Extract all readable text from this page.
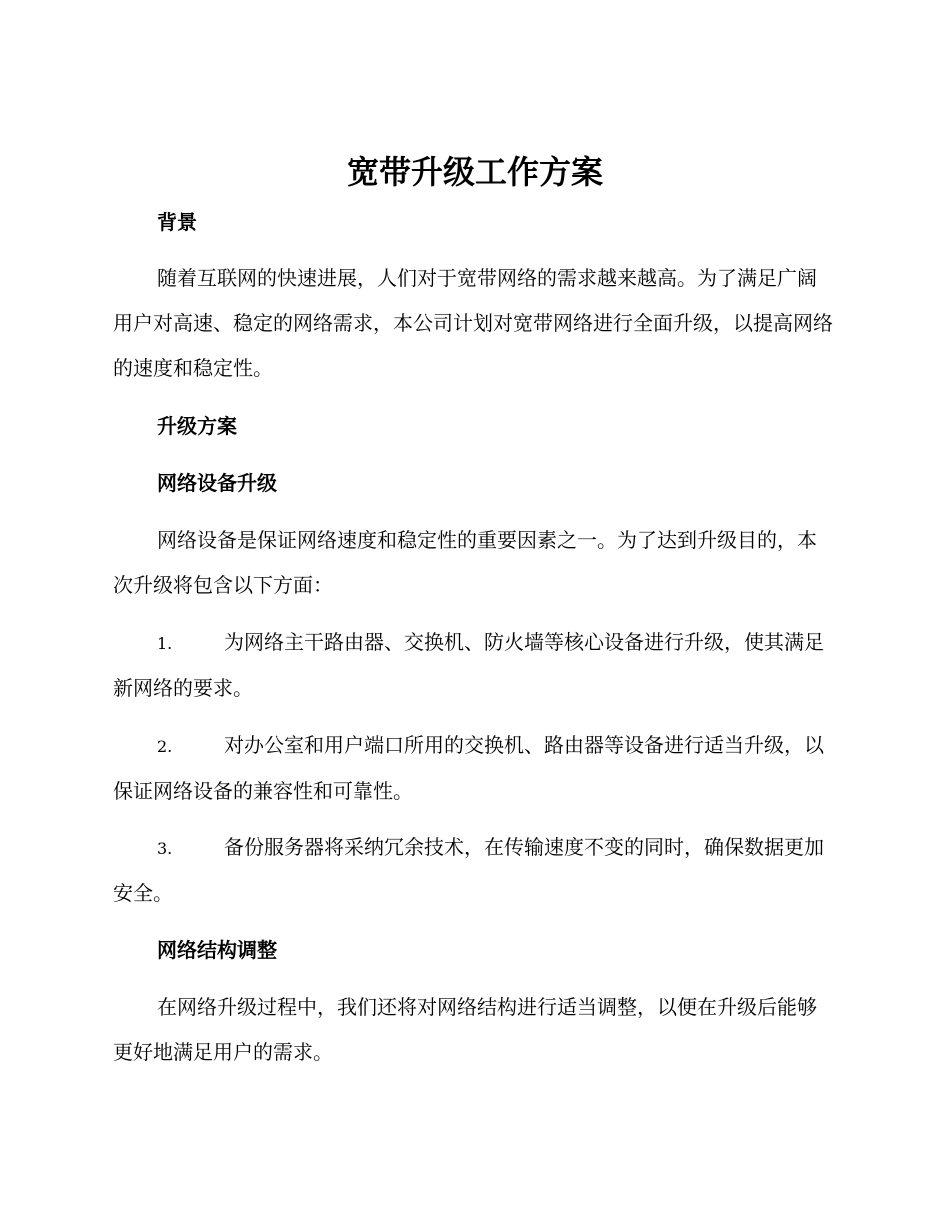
宽带升级工作方案
背景

随着互联网的快速进展，人们对于宽带网络的需求越来越高。为了满足广阔用户对高速、稳定的网络需求，本公司计划对宽带网络进行全面升级，以提高网络的速度和稳定性。

升级方案
网络设备升级

网络设备是保证网络速度和稳定性的重要因素之一。为了达到升级目的，本次升级将包含以下方面：

1.	为网络主干路由器、交换机、防火墙等核心设备进行升级，使其满足新网络的要求。

2.	对办公室和用户端口所用的交换机、路由器等设备进行适当升级，以保证网络设备的兼容性和可靠性。

3.	备份服务器将采纳冗余技术，在传输速度不变的同时，确保数据更加安全。

网络结构调整

在网络升级过程中，我们还将对网络结构进行适当调整，以便在升级后能够更好地满足用户的需求。
